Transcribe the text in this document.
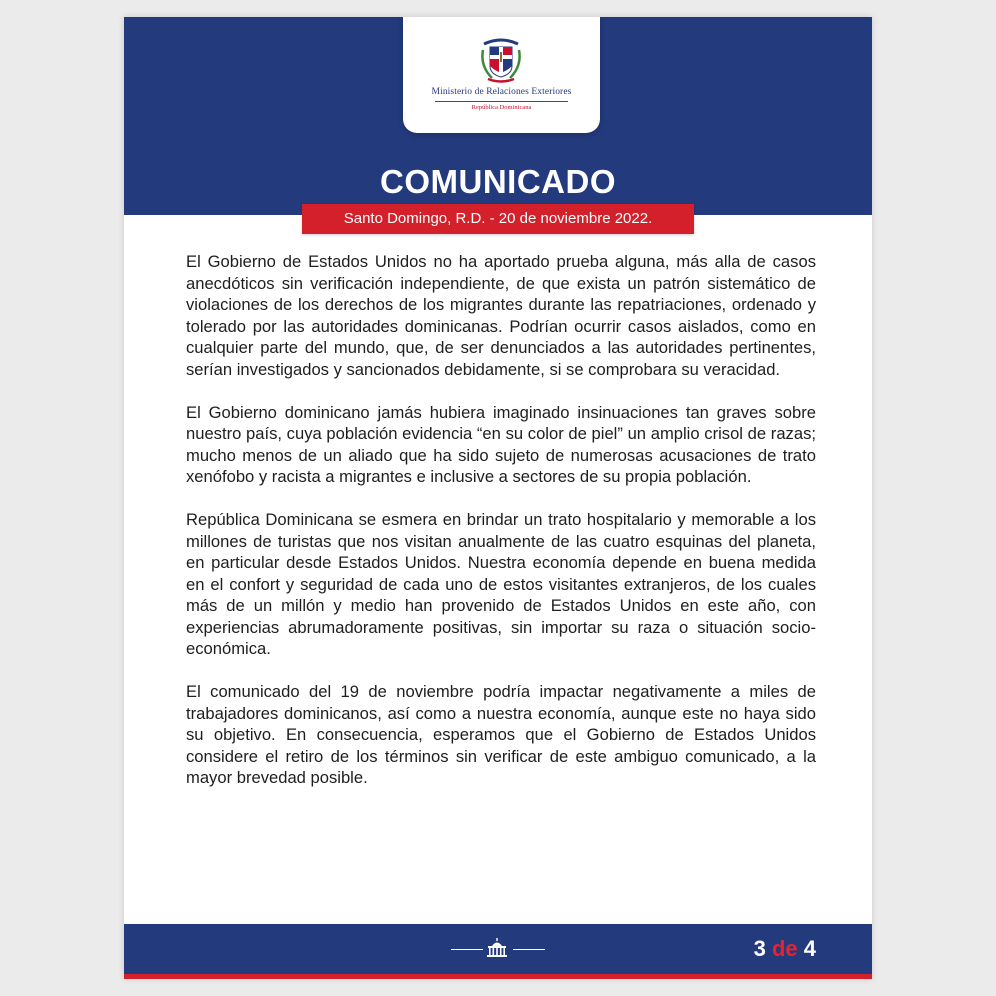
Ministerio de Relaciones Exteriores
República Dominicana
COMUNICADO
Santo Domingo, R.D. - 20 de noviembre 2022.

El Gobierno de Estados Unidos no ha aportado prueba alguna, más alla de casos anecdóticos sin verificación independiente, de que exista un patrón sistemático de violaciones de los derechos de los migrantes durante las repatriaciones, ordenado y tolerado por las autoridades dominicanas. Podrían ocurrir casos aislados, como en cualquier parte del mundo, que, de ser denunciados a las autoridades pertinentes, serían investigados y sancionados debidamente, si se comprobara su veracidad.

El Gobierno dominicano jamás hubiera imaginado insinuaciones tan graves sobre nuestro país, cuya población evidencia “en su color de piel” un amplio crisol de razas; mucho menos de un aliado que ha sido sujeto de numerosas acusaciones de trato xenófobo y racista a migrantes e inclusive a sectores de su propia población.

República Dominicana se esmera en brindar un trato hospitalario y memorable a los millones de turistas que nos visitan anualmente de las cuatro esquinas del planeta, en particular desde Estados Unidos. Nuestra economía depende en buena medida en el confort y seguridad de cada uno de estos visitantes extranjeros, de los cuales más de un millón y medio han provenido de Estados Unidos en este año, con experiencias abrumadoramente positivas, sin importar su raza o situación socio-económica.

El comunicado del 19 de noviembre podría impactar negativamente a miles de trabajadores dominicanos, así como a nuestra economía, aunque este no haya sido su objetivo. En consecuencia, esperamos que el Gobierno de Estados Unidos considere el retiro de los términos sin verificar de este ambiguo comunicado, a la mayor brevedad posible.

3 de 4
